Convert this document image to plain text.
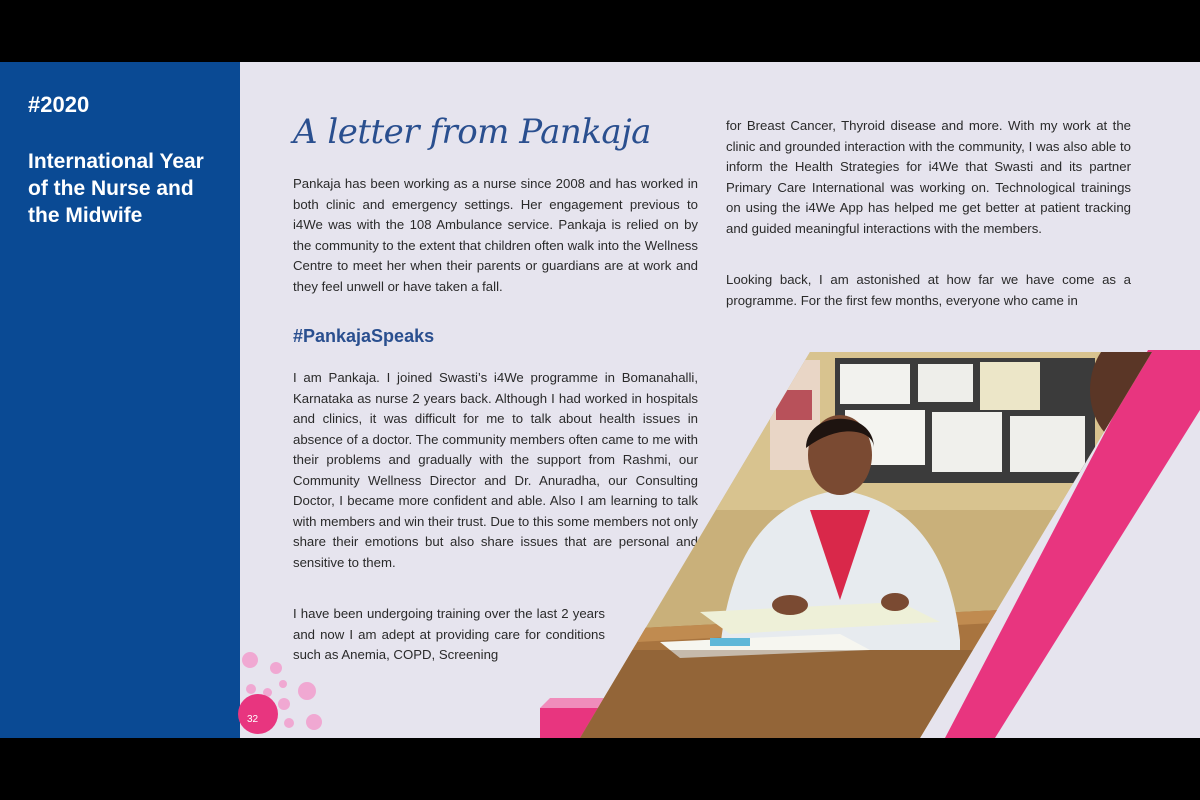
#2020
International Year of the Nurse and the Midwife
32
A letter from Pankaja

Pankaja has been working as a nurse since 2008 and has worked in both clinic and emergency settings. Her engagement previous to i4We was with the 108 Ambulance service. Pankaja is relied on by the community to the extent that children often walk into the Wellness Centre to meet her when their parents or guardians are at work and they feel unwell or have taken a fall.

#PankajaSpeaks

I am Pankaja. I joined Swasti’s i4We programme in Bomanahalli, Karnataka as nurse 2 years back. Although I had worked in hospitals and clinics, it was difficult for me to talk about health issues in absence of a doctor. The community members often came to me with their problems and gradually with the support from Rashmi, our Community Wellness Director and Dr. Anuradha, our Consulting Doctor, I became more confident and able. Also I am learning to talk with members and win their trust. Due to this some members not only share their emotions but also share issues that are personal and sensitive to them.

I have been undergoing training over the last 2 years and now I am adept at providing care for conditions such as Anemia, COPD, Screening

for Breast Cancer, Thyroid disease and more. With my work at the clinic and grounded interaction with the community, I was also able to inform the Health Strategies for i4We that Swasti and its partner Primary Care International was working on. Technological trainings on using the i4We App has helped me get better at patient tracking and guided meaningful interactions with the members.

Looking back, I am astonished at how far we have come as a programme. For the first few months, everyone who came in
